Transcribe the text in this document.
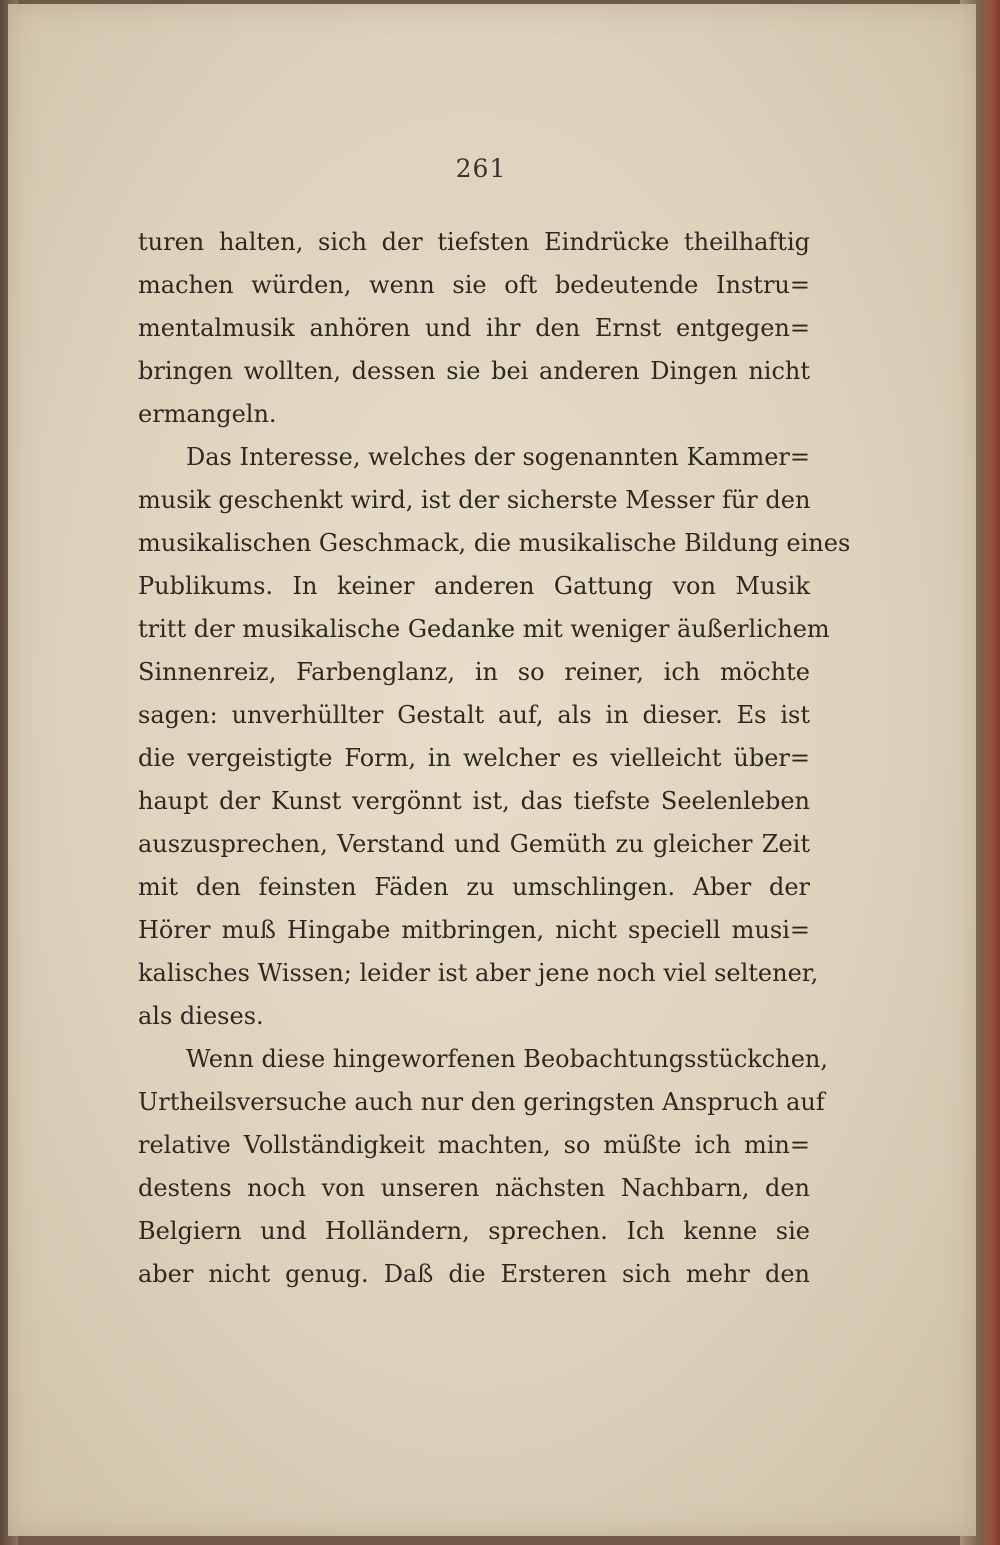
261
turen halten, sich der tiefsten Eindrücke theilhaftig
machen würden, wenn sie oft bedeutende Instru=
mentalmusik anhören und ihr den Ernst entgegen=
bringen wollten, dessen sie bei anderen Dingen nicht
ermangeln.
Das Interesse, welches der sogenannten Kammer=
musik geschenkt wird, ist der sicherste Messer für den
musikalischen Geschmack, die musikalische Bildung eines
Publikums. In keiner anderen Gattung von Musik
tritt der musikalische Gedanke mit weniger äußerlichem
Sinnenreiz, Farbenglanz, in so reiner, ich möchte
sagen: unverhüllter Gestalt auf, als in dieser. Es ist
die vergeistigte Form, in welcher es vielleicht über=
haupt der Kunst vergönnt ist, das tiefste Seelenleben
auszusprechen, Verstand und Gemüth zu gleicher Zeit
mit den feinsten Fäden zu umschlingen. Aber der
Hörer muß Hingabe mitbringen, nicht speciell musi=
kalisches Wissen; leider ist aber jene noch viel seltener,
als dieses.
Wenn diese hingeworfenen Beobachtungsstückchen,
Urtheilsversuche auch nur den geringsten Anspruch auf
relative Vollständigkeit machten, so müßte ich min=
destens noch von unseren nächsten Nachbarn, den
Belgiern und Holländern, sprechen. Ich kenne sie
aber nicht genug. Daß die Ersteren sich mehr den
